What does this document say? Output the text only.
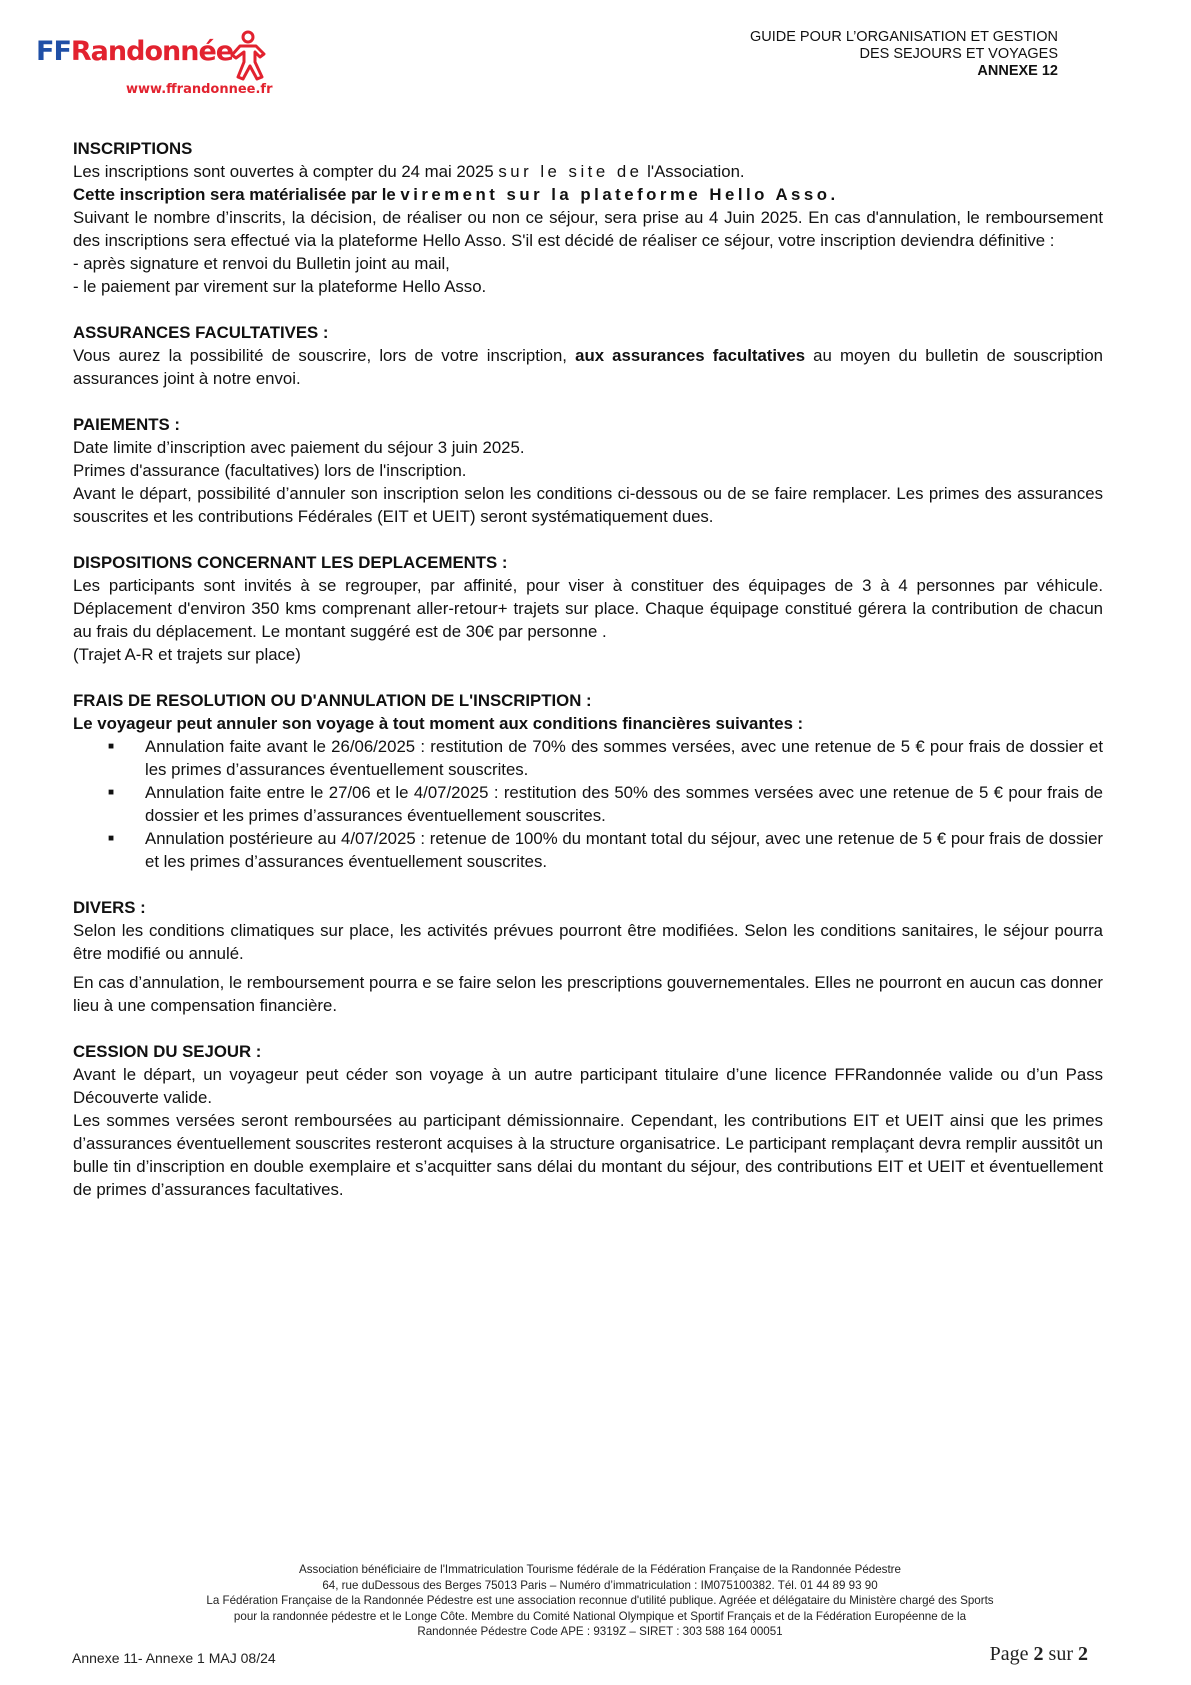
FFRandonnée
www.ffrandonnee.fr
GUIDE POUR L’ORGANISATION ET GESTION
DES SEJOURS ET VOYAGES
ANNEXE 12
INSCRIPTIONS

Les inscriptions sont ouvertes à compter du 24 mai 2025 sur le site de l'Association.

Cette inscription sera matérialisée par le virement sur la plateforme Hello Asso.

Suivant le nombre d’inscrits, la décision, de réaliser ou non ce séjour, sera prise au 4 Juin 2025. En cas d'annulation, le remboursement des inscriptions sera effectué via la plateforme Hello Asso. S'il est décidé de réaliser ce séjour, votre inscription deviendra définitive :

- après signature et renvoi du Bulletin joint au mail,

- le paiement par virement sur la plateforme Hello Asso.

ASSURANCES FACULTATIVES :

Vous aurez la possibilité de souscrire, lors de votre inscription, aux assurances facultatives au moyen du bulletin de souscription assurances joint à notre envoi.

PAIEMENTS :

Date limite d’inscription avec paiement du séjour 3 juin 2025.

Primes d'assurance (facultatives) lors de l'inscription.

Avant le départ, possibilité d’annuler son inscription selon les conditions ci-dessous ou de se faire remplacer. Les primes des assurances souscrites et les contributions Fédérales (EIT et UEIT) seront systématiquement dues.

DISPOSITIONS CONCERNANT LES DEPLACEMENTS :

Les participants sont invités à se regrouper, par affinité, pour viser à constituer des équipages de 3 à 4 personnes par véhicule. Déplacement d'environ 350 kms comprenant aller-retour+ trajets sur place. Chaque équipage constitué gérera la contribution de chacun au frais du déplacement. Le montant suggéré est de 30€ par personne .

(Trajet A-R et trajets sur place)

FRAIS DE RESOLUTION OU D'ANNULATION DE L'INSCRIPTION :
Le voyageur peut annuler son voyage à tout moment aux conditions financières suivantes :
■ Annulation faite avant le 26/06/2025 : restitution de 70% des sommes versées, avec une retenue de 5 € pour frais de dossier et les primes d’assurances éventuellement souscrites.
■ Annulation faite entre le 27/06 et le 4/07/2025 : restitution des 50% des sommes versées avec une retenue de 5 € pour frais de dossier et les primes d’assurances éventuellement souscrites.
■ Annulation postérieure au 4/07/2025 : retenue de 100% du montant total du séjour, avec une retenue de 5 € pour frais de dossier et les primes d’assurances éventuellement souscrites.
DIVERS :

Selon les conditions climatiques sur place, les activités prévues pourront être modifiées. Selon les conditions sanitaires, le séjour pourra être modifié ou annulé.

En cas d’annulation, le remboursement pourra e se faire selon les prescriptions gouvernementales. Elles ne pourront en aucun cas donner lieu à une compensation financière.

CESSION DU SEJOUR :

Avant le départ, un voyageur peut céder son voyage à un autre participant titulaire d’une licence FFRandonnée valide ou d’un Pass Découverte valide.

Les sommes versées seront remboursées au participant démissionnaire. Cependant, les contributions EIT et UEIT ainsi que les primes d’assurances éventuellement souscrites resteront acquises à la structure organisatrice. Le participant remplaçant devra remplir aussitôt un bulle tin d’inscription en double exemplaire et s’acquitter sans délai du montant du séjour, des contributions EIT et UEIT et éventuellement de primes d’assurances facultatives.

Association bénéficiaire de l'Immatriculation Tourisme fédérale de la Fédération Française de la Randonnée Pédestre
64, rue duDessous des Berges 75013 Paris – Numéro d’immatriculation : IM075100382. Tél. 01 44 89 93 90
La Fédération Française de la Randonnée Pédestre est une association reconnue d'utilité publique. Agréée et délégataire du Ministère chargé des Sports
pour la randonnée pédestre et le Longe Côte. Membre du Comité National Olympique et Sportif Français et de la Fédération Européenne de la
Randonnée Pédestre Code APE : 9319Z – SIRET : 303 588 164 00051
Annexe 11- Annexe 1 MAJ 08/24	Page 2 sur 2
